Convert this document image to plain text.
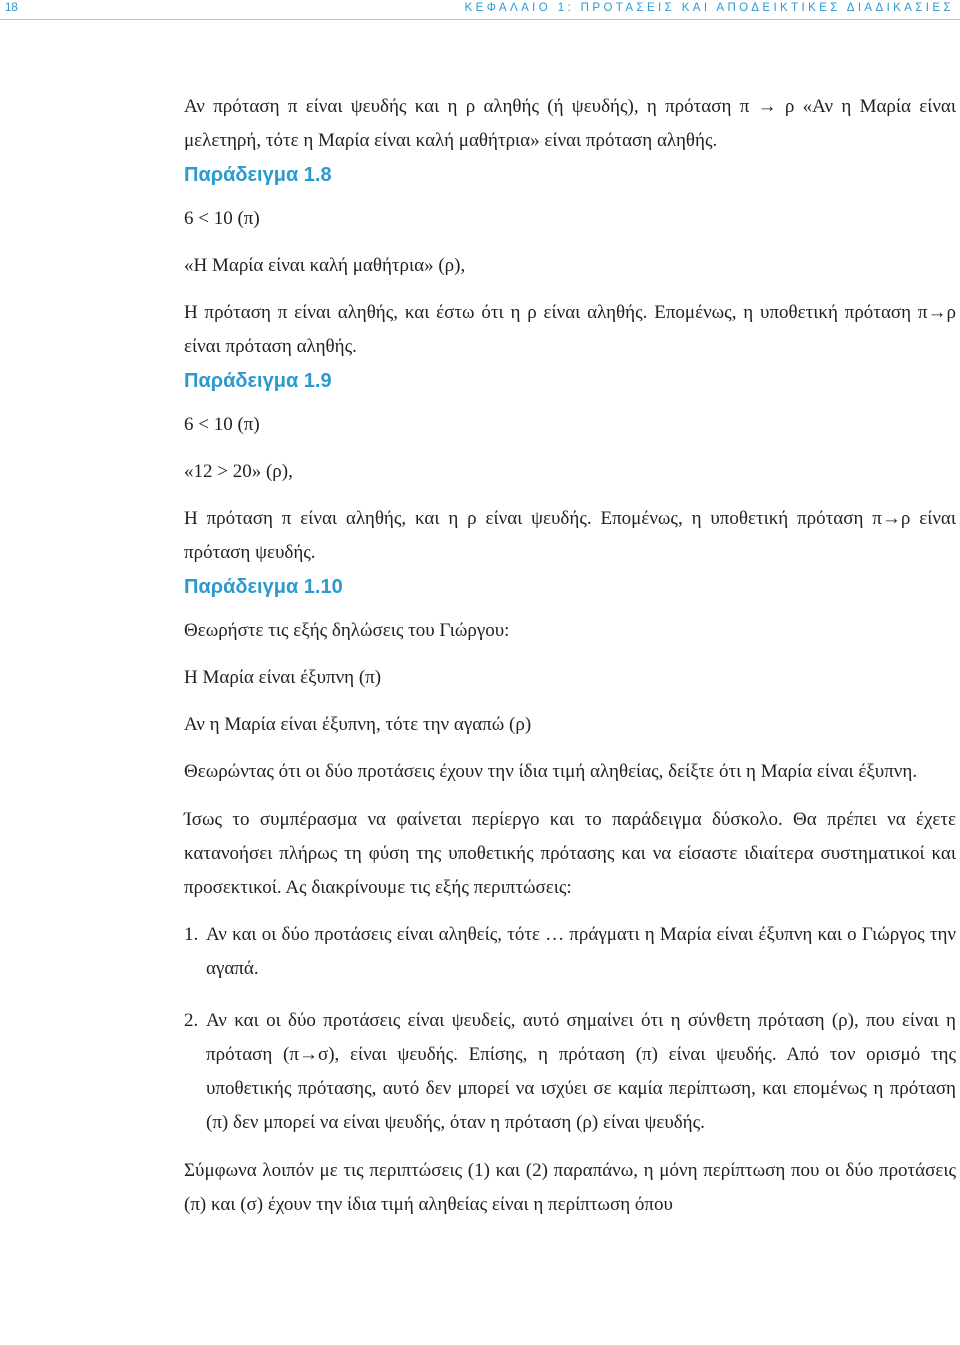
18	ΚΕΦΑΛΑΙΟ 1: ΠΡΟΤΑΣΕΙΣ ΚΑΙ ΑΠΟΔΕΙΚΤΙΚΕΣ ΔΙΑΔΙΚΑΣΙΕΣ

Αν πρόταση π είναι ψευδής και η ρ αληθής (ή ψευδής), η πρόταση π → ρ «Αν η Μαρία είναι μελετηρή, τότε η Μαρία είναι καλή μαθήτρια» είναι πρόταση αληθής.

Παράδειγμα 1.8

6 < 10 (π)

«Η Μαρία είναι καλή μαθήτρια» (ρ),

Η πρόταση π είναι αληθής, και έστω ότι η ρ είναι αληθής. Επομένως, η υποθετική πρόταση π→ρ είναι πρόταση αληθής.

Παράδειγμα 1.9

6 < 10 (π)

«12 > 20» (ρ),

Η πρόταση π είναι αληθής, και η ρ είναι ψευδής. Επομένως, η υποθετική πρόταση π→ρ είναι πρόταση ψευδής.

Παράδειγμα 1.10

Θεωρήστε τις εξής δηλώσεις του Γιώργου:

Η Μαρία είναι έξυπνη (π)

Αν η Μαρία είναι έξυπνη, τότε την αγαπώ (ρ)

Θεωρώντας ότι οι δύο προτάσεις έχουν την ίδια τιμή αληθείας, δείξτε ότι η Μαρία είναι έξυπνη.

Ίσως το συμπέρασμα να φαίνεται περίεργο και το παράδειγμα δύσκολο. Θα πρέπει να έχετε κατανοήσει πλήρως τη φύση της υποθετικής πρότασης και να είσαστε ιδιαίτερα συστηματικοί και προσεκτικοί. Ας διακρίνουμε τις εξής περιπτώσεις:

1. Αν και οι δύο προτάσεις είναι αληθείς, τότε … πράγματι η Μαρία είναι έξυπνη και ο Γιώργος την αγαπά.
2. Αν και οι δύο προτάσεις είναι ψευδείς, αυτό σημαίνει ότι η σύνθετη πρόταση (ρ), που είναι η πρόταση (π→σ), είναι ψευδής. Επίσης, η πρόταση (π) είναι ψευδής. Από τον ορισμό της υποθετικής πρότασης, αυτό δεν μπορεί να ισχύει σε καμία περίπτωση, και επομένως η πρόταση (π) δεν μπορεί να είναι ψευδής, όταν η πρόταση (ρ) είναι ψευδής.

Σύμφωνα λοιπόν με τις περιπτώσεις (1) και (2) παραπάνω, η μόνη περίπτωση που οι δύο προτάσεις (π) και (σ) έχουν την ίδια τιμή αληθείας είναι η περίπτωση όπου
